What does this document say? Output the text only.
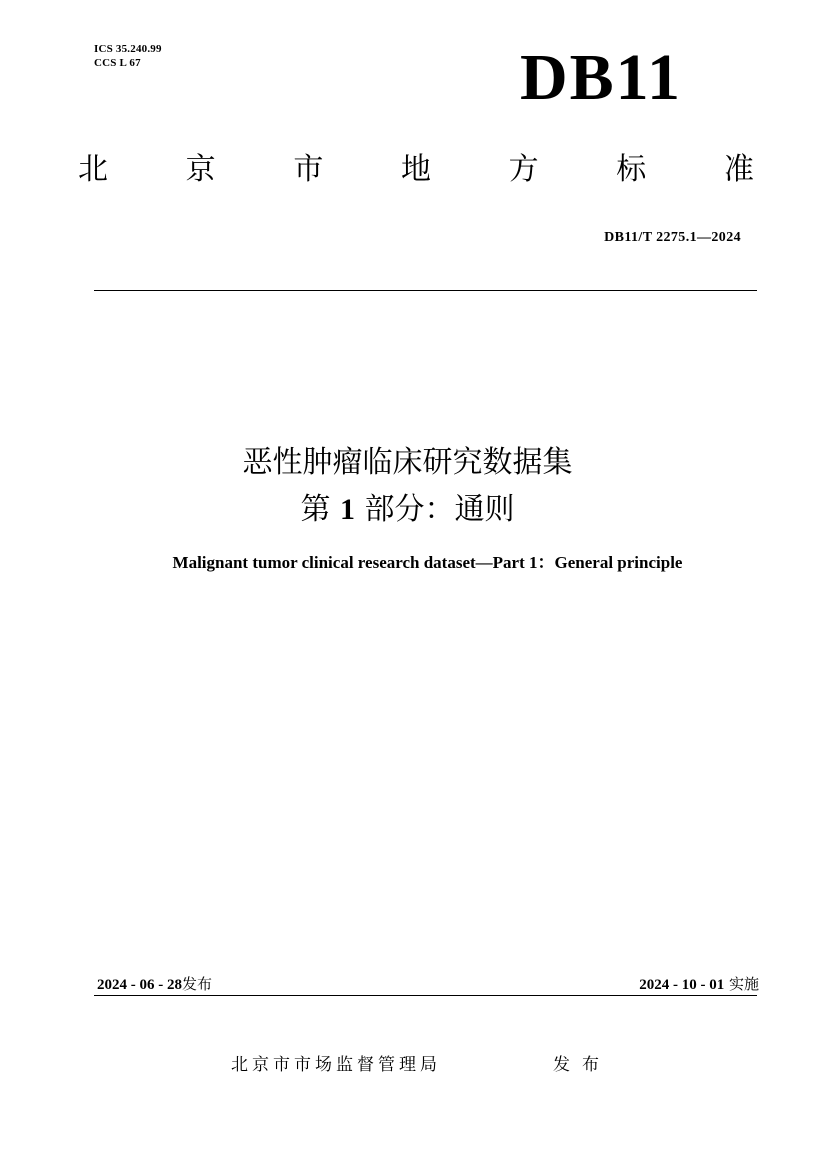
ICS 35.240.99
CCS L 67	DB11
北	京	市	地	方	标	准
DB11/T 2275.1—2024
恶性肿瘤临床研究数据集
第 1 部分：通则
Malignant tumor clinical research dataset—Part 1：General principle
2024 - 06 - 28发布	2024 - 10 - 01 实施
北京市市场监督管理局	发布
